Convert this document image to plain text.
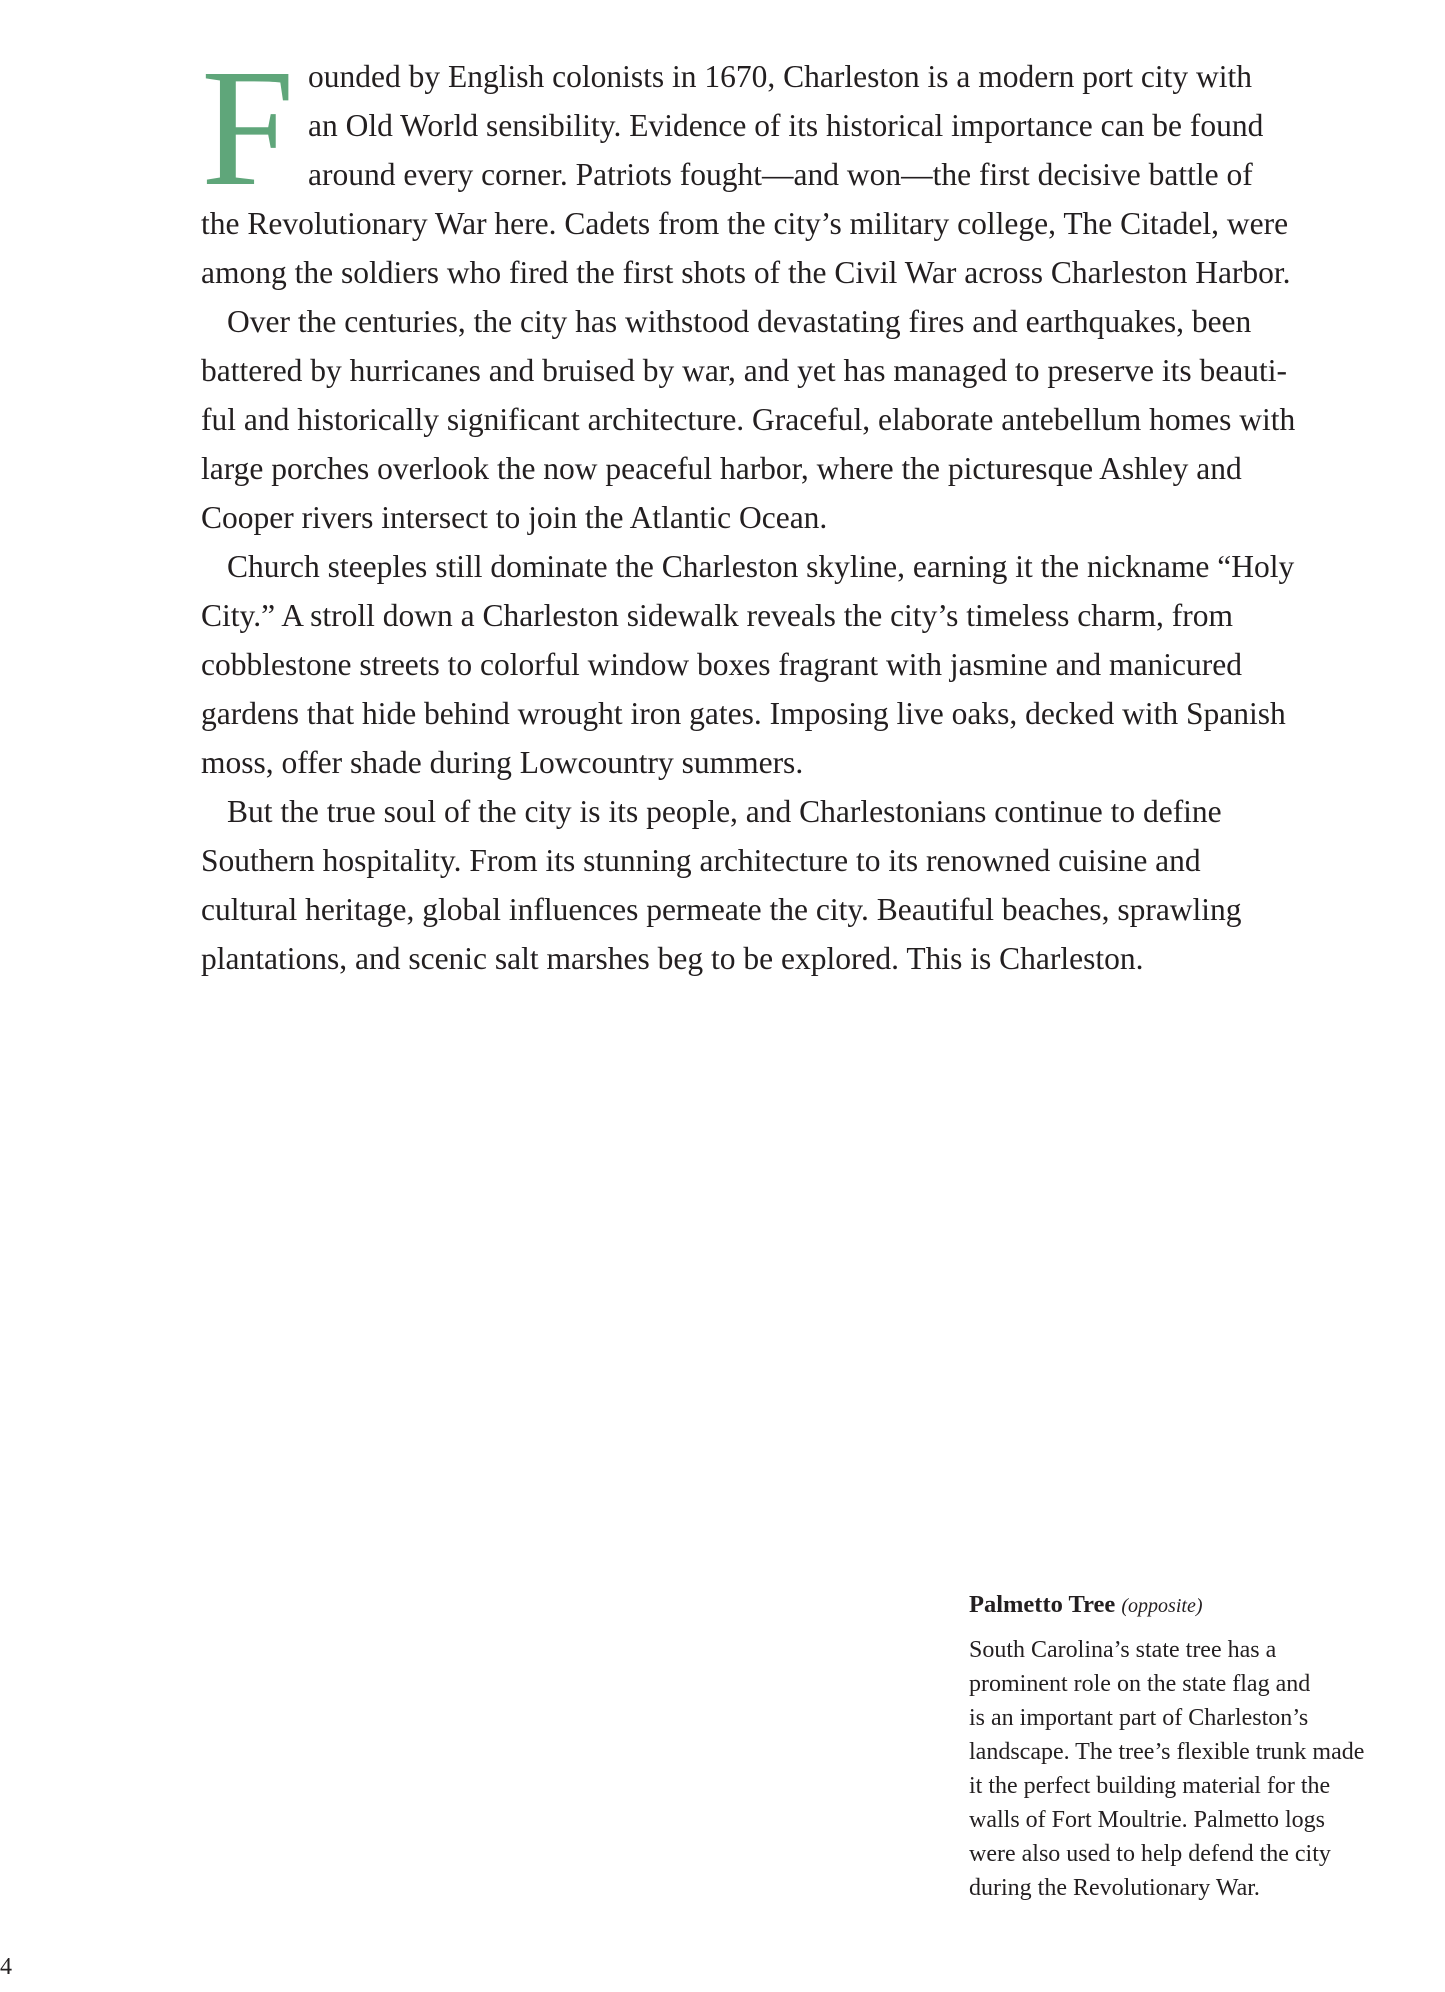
F ounded by English colonists in 1670, Charleston is a modern port city with

an Old World sensibility. Evidence of its historical importance can be found

around every corner. Patriots fought—and won—the first decisive battle of

the Revolutionary War here. Cadets from the city’s military college, The Citadel, were

among the soldiers who fired the first shots of the Civil War across Charleston Harbor.

Over the centuries, the city has withstood devastating fires and earthquakes, been

battered by hurricanes and bruised by war, and yet has managed to preserve its beauti-

ful and historically significant architecture. Graceful, elaborate antebellum homes with

large porches overlook the now peaceful harbor, where the picturesque Ashley and

Cooper rivers intersect to join the Atlantic Ocean.

Church steeples still dominate the Charleston skyline, earning it the nickname “Holy

City.” A stroll down a Charleston sidewalk reveals the city’s timeless charm, from

cobblestone streets to colorful window boxes fragrant with jasmine and manicured

gardens that hide behind wrought iron gates. Imposing live oaks, decked with Spanish

moss, offer shade during Lowcountry summers.

But the true soul of the city is its people, and Charlestonians continue to define

Southern hospitality. From its stunning architecture to its renowned cuisine and

cultural heritage, global influences permeate the city. Beautiful beaches, sprawling

plantations, and scenic salt marshes beg to be explored. This is Charleston.

Palmetto Tree (opposite)

South Carolina’s state tree has a

prominent role on the state flag and

is an important part of Charleston’s

landscape. The tree’s flexible trunk made

it the perfect building material for the

walls of Fort Moultrie. Palmetto logs

were also used to help defend the city

during the Revolutionary War.

4
